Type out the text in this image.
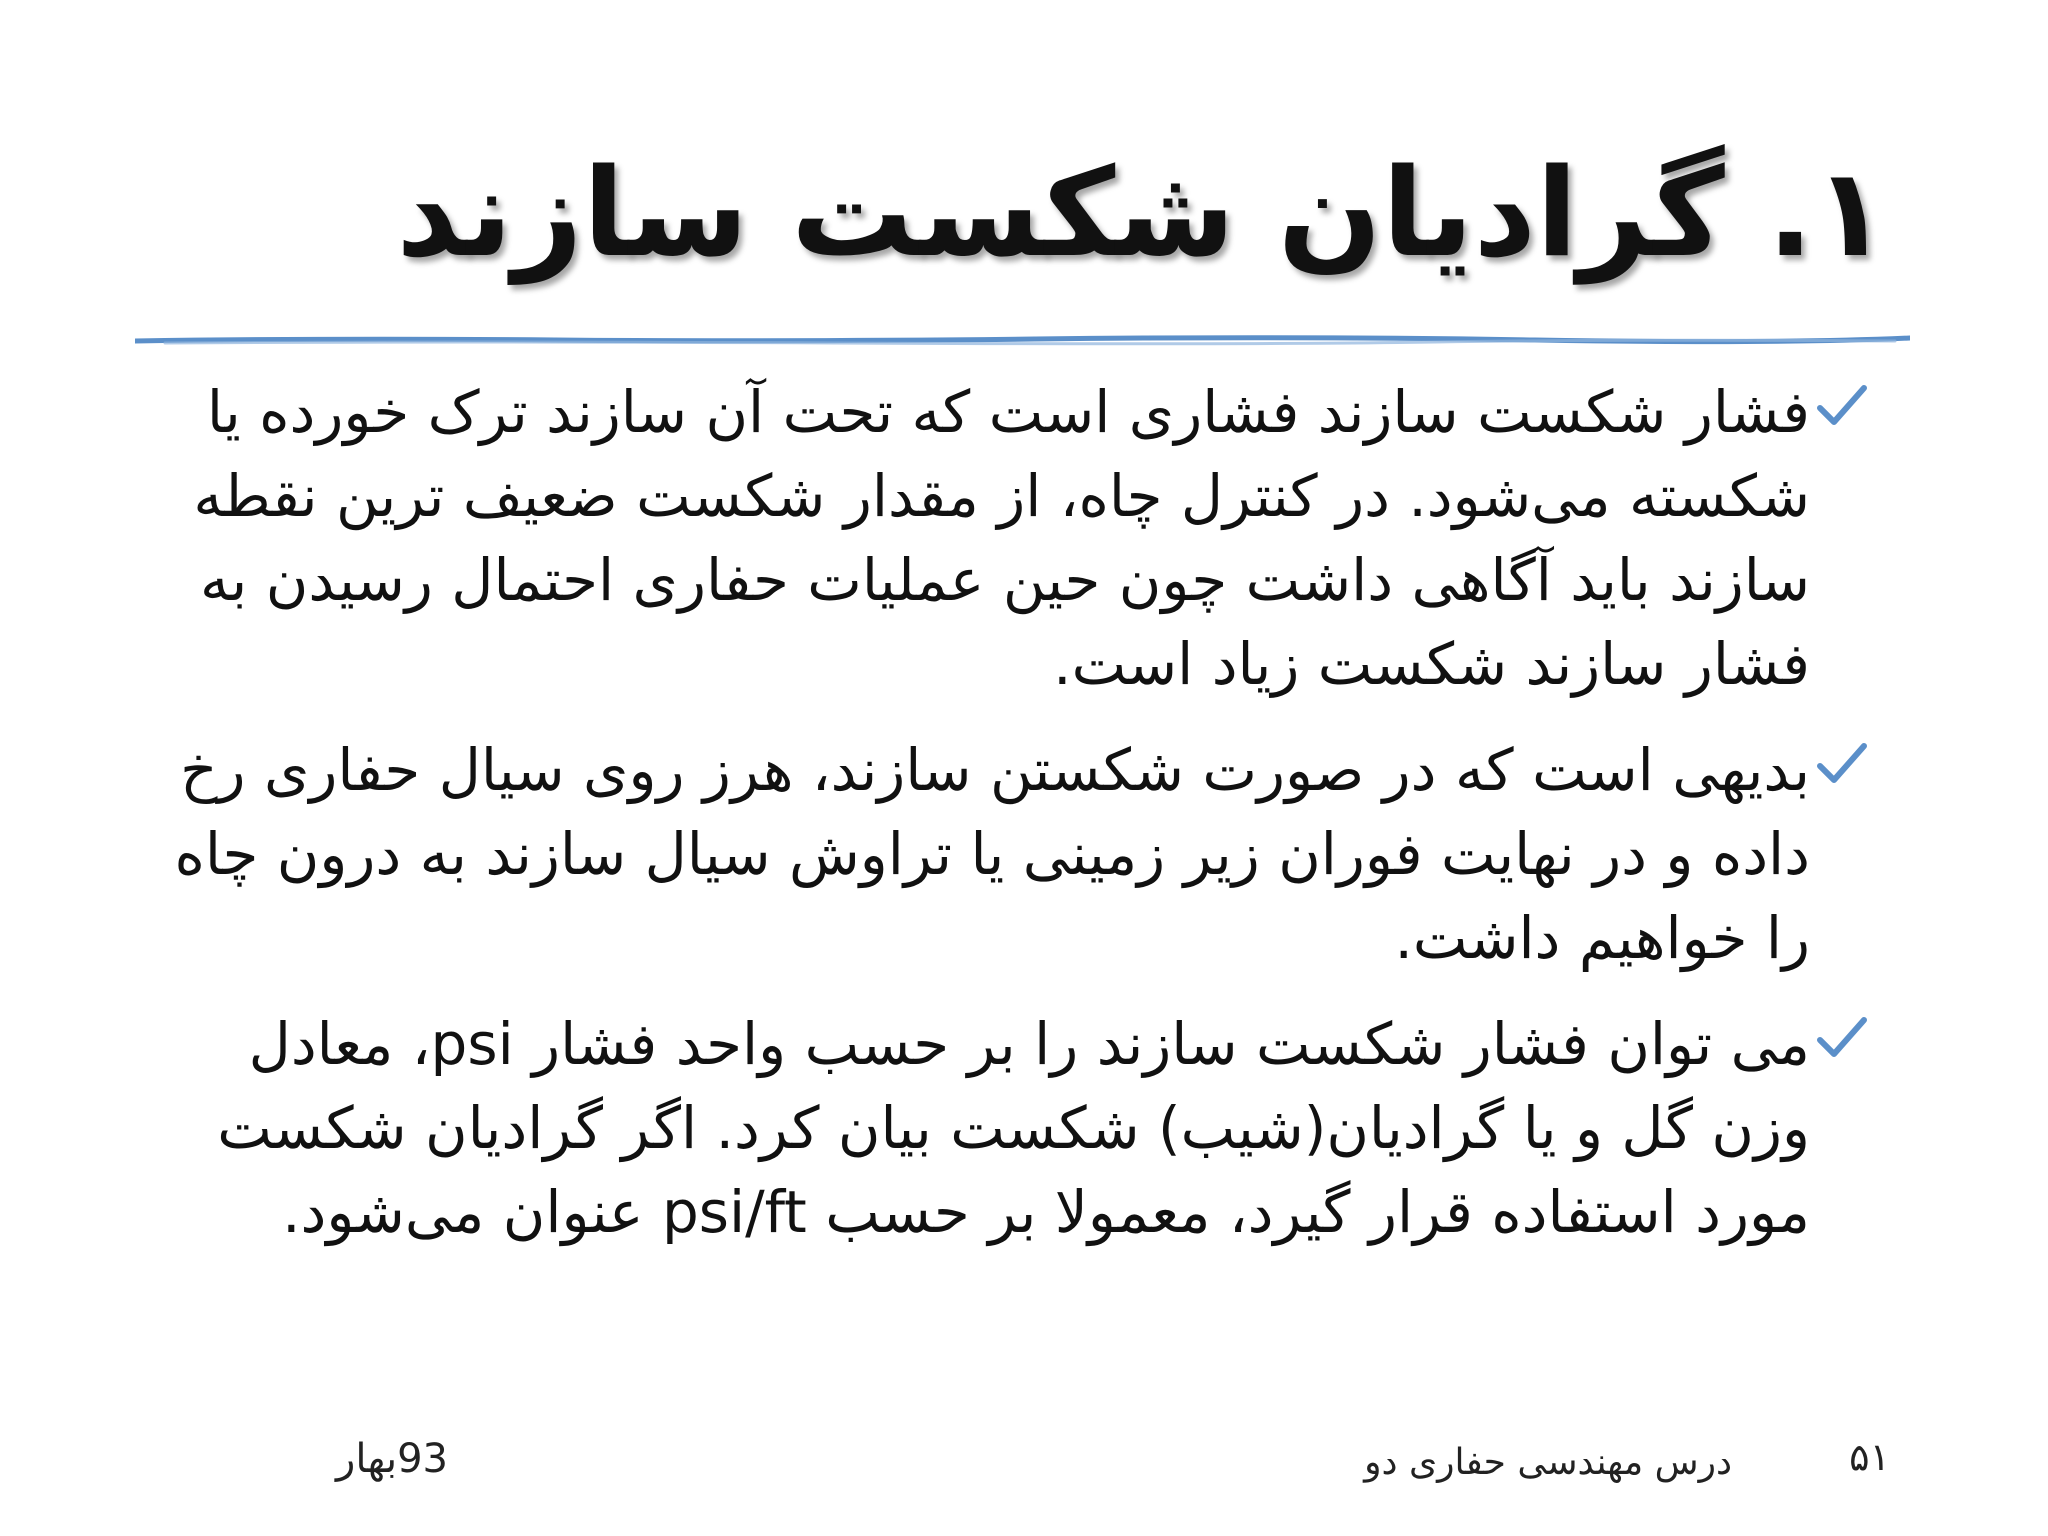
۱. گرادیان شکست سازند
فشار شکست سازند فشاری است که تحت آن سازند ترک خورده یا شکسته می‌شود. در کنترل چاه، از مقدار شکست ضعیف ترین نقطه سازند باید آگاهی داشت چون حین عملیات حفاری احتمال رسیدن به فشار سازند شکست زیاد است.
بدیهی است که در صورت شکستن سازند، هرز روی سیال حفاری رخ داده و در نهایت فوران زیر زمینی یا تراوش سیال سازند به درون چاه را خواهیم داشت.
می توان فشار شکست سازند را بر حسب واحد فشار psi، معادل وزن گل و یا گرادیان(شیب) شکست بیان کرد. اگر گرادیان شکست مورد استفاده قرار گیرد، معمولا بر حسب psi/ft عنوان می‌شود.
۵۱
درس مهندسی حفاری دو
93بهار
